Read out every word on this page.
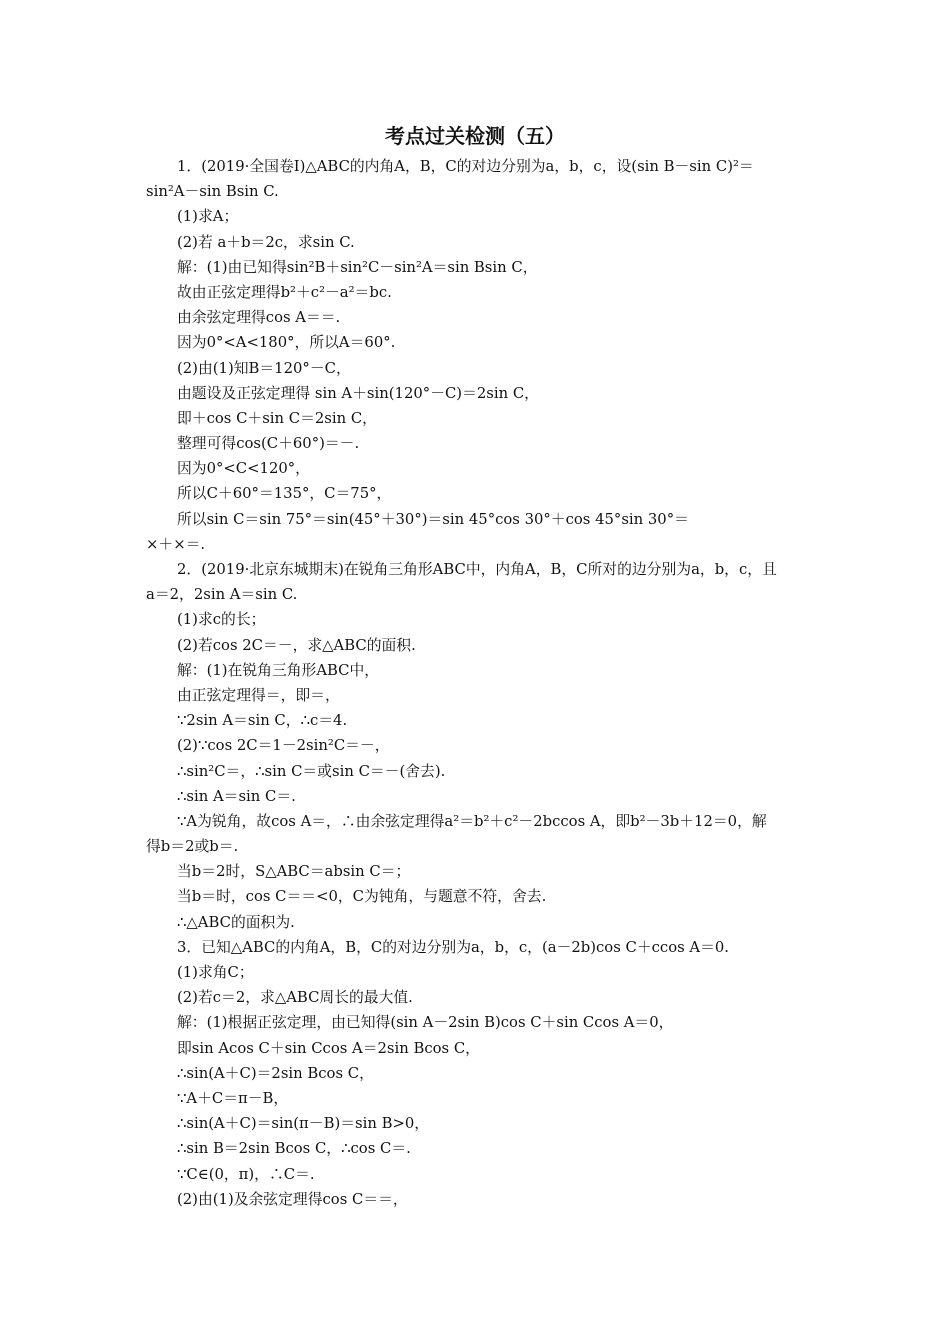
考点过关检测（五）
1．(2019·全国卷Ⅰ)△ABC的内角A，B，C的对边分别为a，b，c，设(sin B－sin C)²＝
sin²A－sin Bsin C.
(1)求A；
(2)若 a＋b＝2c，求sin C.
解：(1)由已知得sin²B＋sin²C－sin²A＝sin Bsin C，
故由正弦定理得b²＋c²－a²＝bc.
由余弦定理得cos A＝＝.
因为0°<A<180°，所以A＝60°.
(2)由(1)知B＝120°－C，
由题设及正弦定理得 sin A＋sin(120°－C)＝2sin C，
即＋cos C＋sin C＝2sin C，
整理可得cos(C＋60°)＝－.
因为0°<C<120°，
所以C＋60°＝135°，C＝75°，
所以sin C＝sin 75°＝sin(45°＋30°)＝sin 45°cos 30°＋cos 45°sin 30°＝
×＋×＝.
2．(2019·北京东城期末)在锐角三角形ABC中，内角A，B，C所对的边分别为a，b，c，且
a＝2，2sin A＝sin C.
(1)求c的长；
(2)若cos 2C＝－，求△ABC的面积.
解：(1)在锐角三角形ABC中，
由正弦定理得＝，即＝，
∵2sin A＝sin C，∴c＝4.
(2)∵cos 2C＝1－2sin²C＝－，
∴sin²C＝，∴sin C＝或sin C＝－(舍去).
∴sin A＝sin C＝.
∵A为锐角，故cos A＝，∴由余弦定理得a²＝b²＋c²－2bccos A，即b²－3b＋12＝0，解
得b＝2或b＝.
当b＝2时，S△ABC＝absin C＝；
当b＝时，cos C＝＝<0，C为钝角，与题意不符，舍去.
∴△ABC的面积为.
3．已知△ABC的内角A，B，C的对边分别为a，b，c，(a－2b)cos C＋ccos A＝0.
(1)求角C；
(2)若c＝2，求△ABC周长的最大值.
解：(1)根据正弦定理，由已知得(sin A－2sin B)cos C＋sin Ccos A＝0，
即sin Acos C＋sin Ccos A＝2sin Bcos C，
∴sin(A＋C)＝2sin Bcos C，
∵A＋C＝π－B，
∴sin(A＋C)＝sin(π－B)＝sin B>0，
∴sin B＝2sin Bcos C，∴cos C＝.
∵C∈(0，π)，∴C＝.
(2)由(1)及余弦定理得cos C＝＝，
